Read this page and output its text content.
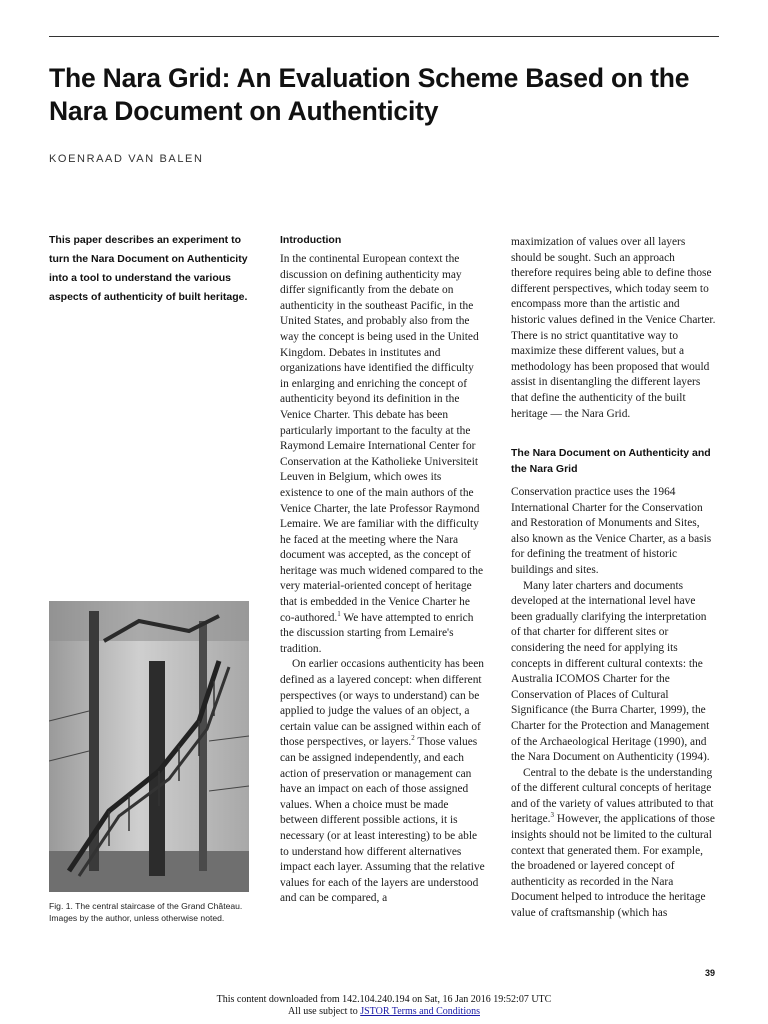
The Nara Grid: An Evaluation Scheme Based on the Nara Document on Authenticity
KOENRAAD VAN BALEN
This paper describes an experiment to turn the Nara Document on Authenticity into a tool to understand the various aspects of authenticity of built heritage.
Fig. 1. The central staircase of the Grand Château. Images by the author, unless otherwise noted.
Introduction

In the continental European context the discussion on defining authenticity may differ significantly from the debate on authenticity in the southeast Pacific, in the United States, and probably also from the way the concept is being used in the United Kingdom. Debates in institutes and organizations have identified the difficulty in enlarging and enriching the concept of authenticity beyond its definition in the Venice Charter. This debate has been particularly important to the faculty at the Raymond Lemaire International Center for Conservation at the Katholieke Universiteit Leuven in Belgium, which owes its existence to one of the main authors of the Venice Charter, the late Professor Raymond Lemaire. We are familiar with the difficulty he faced at the meeting where the Nara document was accepted, as the concept of heritage was much widened compared to the very material-oriented concept of heritage that is embedded in the Venice Charter he co-authored.$^1$ We have attempted to enrich the discussion starting from Lemaire's tradition.

On earlier occasions authenticity has been defined as a layered concept: when different perspectives (or ways to understand) can be applied to judge the values of an object, a certain value can be assigned within each of those perspectives, or layers.$^2$ Those values can be assigned independently, and each action of preservation or management can have an impact on each of those assigned values. When a choice must be made between different possible actions, it is necessary (or at least interesting) to be able to understand how different alternatives impact each layer. Assuming that the relative values for each of the layers are understood and can be compared, a

maximization of values over all layers should be sought. Such an approach therefore requires being able to define those different perspectives, which today seem to encompass more than the artistic and historic values defined in the Venice Charter. There is no strict quantitative way to maximize these different values, but a methodology has been proposed that would assist in disentangling the different layers that define the authenticity of the built heritage — the Nara Grid.

The Nara Document on Authenticity and the Nara Grid

Conservation practice uses the 1964 International Charter for the Conservation and Restoration of Monuments and Sites, also known as the Venice Charter, as a basis for defining the treatment of historic buildings and sites.

Many later charters and documents developed at the international level have been gradually clarifying the interpretation of that charter for different sites or considering the need for applying its concepts in different cultural contexts: the Australia ICOMOS Charter for the Conservation of Places of Cultural Significance (the Burra Charter, 1999), the Charter for the Protection and Management of the Archaeological Heritage (1990), and the Nara Document on Authenticity (1994).

Central to the debate is the understanding of the different cultural concepts of heritage and of the variety of values attributed to that heritage.$^3$ However, the applications of those insights should not be limited to the cultural context that generated them. For example, the broadened or layered concept of authenticity as recorded in the Nara Document helped to introduce the heritage value of craftsmanship (which has

39
This content downloaded from 142.104.240.194 on Sat, 16 Jan 2016 19:52:07 UTC
All use subject to JSTOR Terms and Conditions
